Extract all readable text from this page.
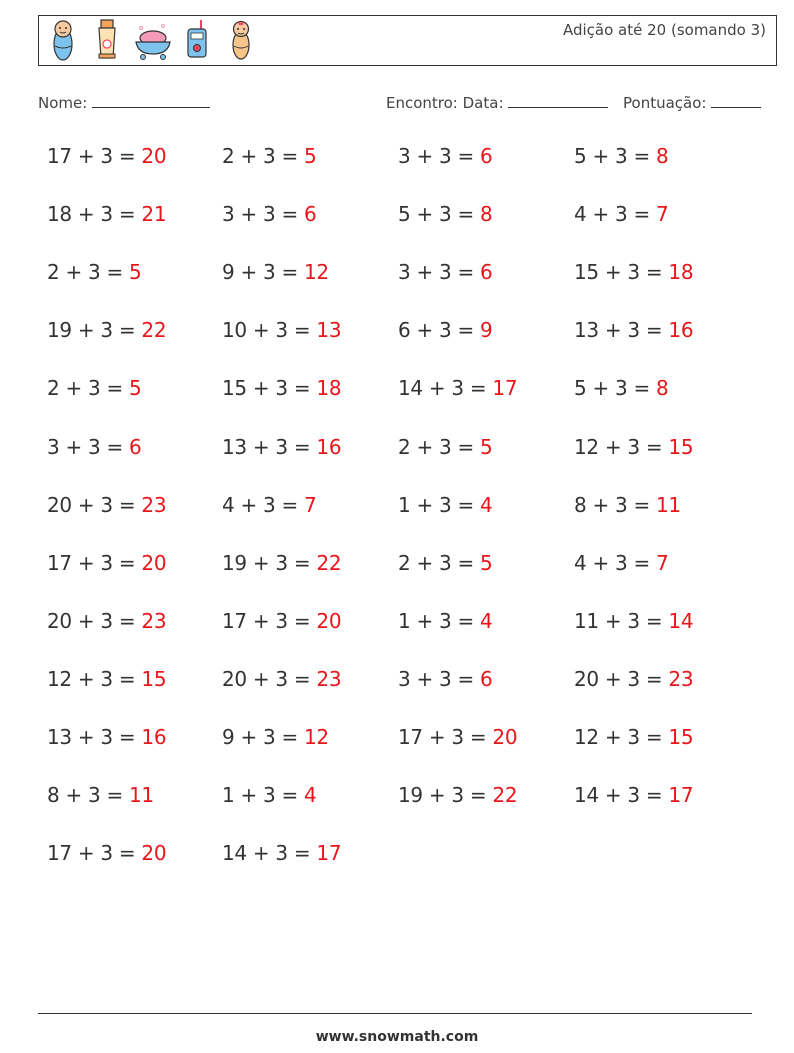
Adição até 20 (somando 3)
Nome:	Encontro: Data:	Pontuação:
17 + 3 = 20	2 + 3 = 5	3 + 3 = 6	5 + 3 = 8
18 + 3 = 21	3 + 3 = 6	5 + 3 = 8	4 + 3 = 7
2 + 3 = 5	9 + 3 = 12	3 + 3 = 6	15 + 3 = 18
19 + 3 = 22	10 + 3 = 13	6 + 3 = 9	13 + 3 = 16
2 + 3 = 5	15 + 3 = 18	14 + 3 = 17	5 + 3 = 8
3 + 3 = 6	13 + 3 = 16	2 + 3 = 5	12 + 3 = 15
20 + 3 = 23	4 + 3 = 7	1 + 3 = 4	8 + 3 = 11
17 + 3 = 20	19 + 3 = 22	2 + 3 = 5	4 + 3 = 7
20 + 3 = 23	17 + 3 = 20	1 + 3 = 4	11 + 3 = 14
12 + 3 = 15	20 + 3 = 23	3 + 3 = 6	20 + 3 = 23
13 + 3 = 16	9 + 3 = 12	17 + 3 = 20	12 + 3 = 15
8 + 3 = 11	1 + 3 = 4	19 + 3 = 22	14 + 3 = 17
17 + 3 = 20	14 + 3 = 17
www.snowmath.com
